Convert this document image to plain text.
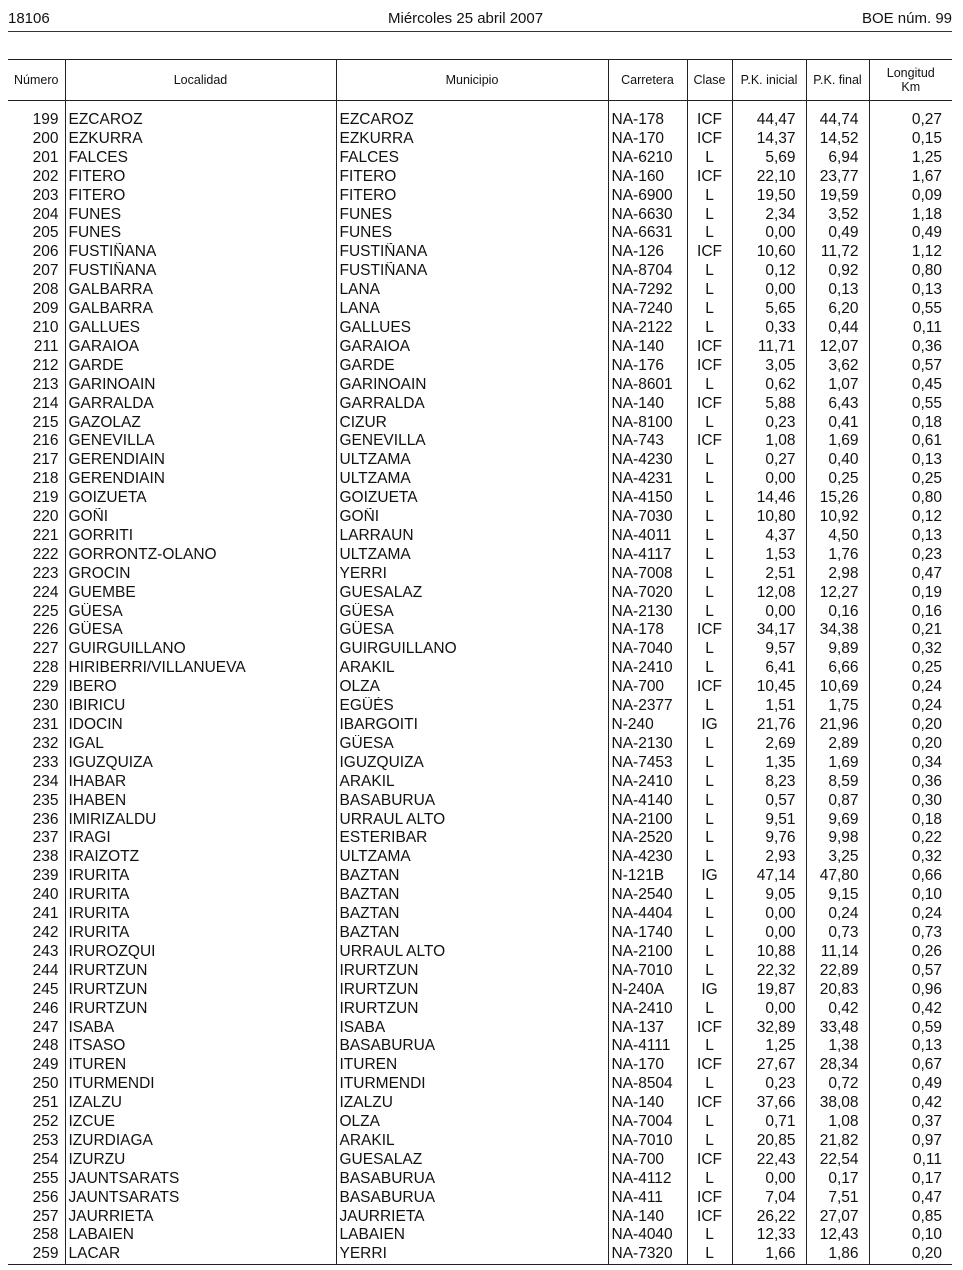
18106	Miércoles 25 abril 2007	BOE núm. 99
Número	Localidad	Municipio	Carretera	Clase	P.K. inicial	P.K. final	Longitud
Km

199	EZCAROZ	EZCAROZ	NA-178	ICF	44,47	44,74	0,27
200	EZKURRA	EZKURRA	NA-170	ICF	14,37	14,52	0,15
201	FALCES	FALCES	NA-6210	L	5,69	6,94	1,25
202	FITERO	FITERO	NA-160	ICF	22,10	23,77	1,67
203	FITERO	FITERO	NA-6900	L	19,50	19,59	0,09
204	FUNES	FUNES	NA-6630	L	2,34	3,52	1,18
205	FUNES	FUNES	NA-6631	L	0,00	0,49	0,49
206	FUSTIÑANA	FUSTIÑANA	NA-126	ICF	10,60	11,72	1,12
207	FUSTIÑANA	FUSTIÑANA	NA-8704	L	0,12	0,92	0,80
208	GALBARRA	LANA	NA-7292	L	0,00	0,13	0,13
209	GALBARRA	LANA	NA-7240	L	5,65	6,20	0,55
210	GALLUES	GALLUES	NA-2122	L	0,33	0,44	0,11
211	GARAIOA	GARAIOA	NA-140	ICF	11,71	12,07	0,36
212	GARDE	GARDE	NA-176	ICF	3,05	3,62	0,57
213	GARINOAIN	GARINOAIN	NA-8601	L	0,62	1,07	0,45
214	GARRALDA	GARRALDA	NA-140	ICF	5,88	6,43	0,55
215	GAZOLAZ	CIZUR	NA-8100	L	0,23	0,41	0,18
216	GENEVILLA	GENEVILLA	NA-743	ICF	1,08	1,69	0,61
217	GERENDIAIN	ULTZAMA	NA-4230	L	0,27	0,40	0,13
218	GERENDIAIN	ULTZAMA	NA-4231	L	0,00	0,25	0,25
219	GOIZUETA	GOIZUETA	NA-4150	L	14,46	15,26	0,80
220	GOÑI	GOÑI	NA-7030	L	10,80	10,92	0,12
221	GORRITI	LARRAUN	NA-4011	L	4,37	4,50	0,13
222	GORRONTZ-OLANO	ULTZAMA	NA-4117	L	1,53	1,76	0,23
223	GROCIN	YERRI	NA-7008	L	2,51	2,98	0,47
224	GUEMBE	GUESALAZ	NA-7020	L	12,08	12,27	0,19
225	GÜESA	GÜESA	NA-2130	L	0,00	0,16	0,16
226	GÜESA	GÜESA	NA-178	ICF	34,17	34,38	0,21
227	GUIRGUILLANO	GUIRGUILLANO	NA-7040	L	9,57	9,89	0,32
228	HIRIBERRI/VILLANUEVA	ARAKIL	NA-2410	L	6,41	6,66	0,25
229	IBERO	OLZA	NA-700	ICF	10,45	10,69	0,24
230	IBIRICU	EGÜÉS	NA-2377	L	1,51	1,75	0,24
231	IDOCIN	IBARGOITI	N-240	IG	21,76	21,96	0,20
232	IGAL	GÜESA	NA-2130	L	2,69	2,89	0,20
233	IGUZQUIZA	IGUZQUIZA	NA-7453	L	1,35	1,69	0,34
234	IHABAR	ARAKIL	NA-2410	L	8,23	8,59	0,36
235	IHABEN	BASABURUA	NA-4140	L	0,57	0,87	0,30
236	IMIRIZALDU	URRAUL ALTO	NA-2100	L	9,51	9,69	0,18
237	IRAGI	ESTERIBAR	NA-2520	L	9,76	9,98	0,22
238	IRAIZOTZ	ULTZAMA	NA-4230	L	2,93	3,25	0,32
239	IRURITA	BAZTAN	N-121B	IG	47,14	47,80	0,66
240	IRURITA	BAZTAN	NA-2540	L	9,05	9,15	0,10
241	IRURITA	BAZTAN	NA-4404	L	0,00	0,24	0,24
242	IRURITA	BAZTAN	NA-1740	L	0,00	0,73	0,73
243	IRUROZQUI	URRAUL ALTO	NA-2100	L	10,88	11,14	0,26
244	IRURTZUN	IRURTZUN	NA-7010	L	22,32	22,89	0,57
245	IRURTZUN	IRURTZUN	N-240A	IG	19,87	20,83	0,96
246	IRURTZUN	IRURTZUN	NA-2410	L	0,00	0,42	0,42
247	ISABA	ISABA	NA-137	ICF	32,89	33,48	0,59
248	ITSASO	BASABURUA	NA-4111	L	1,25	1,38	0,13
249	ITUREN	ITUREN	NA-170	ICF	27,67	28,34	0,67
250	ITURMENDI	ITURMENDI	NA-8504	L	0,23	0,72	0,49
251	IZALZU	IZALZU	NA-140	ICF	37,66	38,08	0,42
252	IZCUE	OLZA	NA-7004	L	0,71	1,08	0,37
253	IZURDIAGA	ARAKIL	NA-7010	L	20,85	21,82	0,97
254	IZURZU	GUESALAZ	NA-700	ICF	22,43	22,54	0,11
255	JAUNTSARATS	BASABURUA	NA-4112	L	0,00	0,17	0,17
256	JAUNTSARATS	BASABURUA	NA-411	ICF	7,04	7,51	0,47
257	JAURRIETA	JAURRIETA	NA-140	ICF	26,22	27,07	0,85
258	LABAIEN	LABAIEN	NA-4040	L	12,33	12,43	0,10
259	LACAR	YERRI	NA-7320	L	1,66	1,86	0,20
